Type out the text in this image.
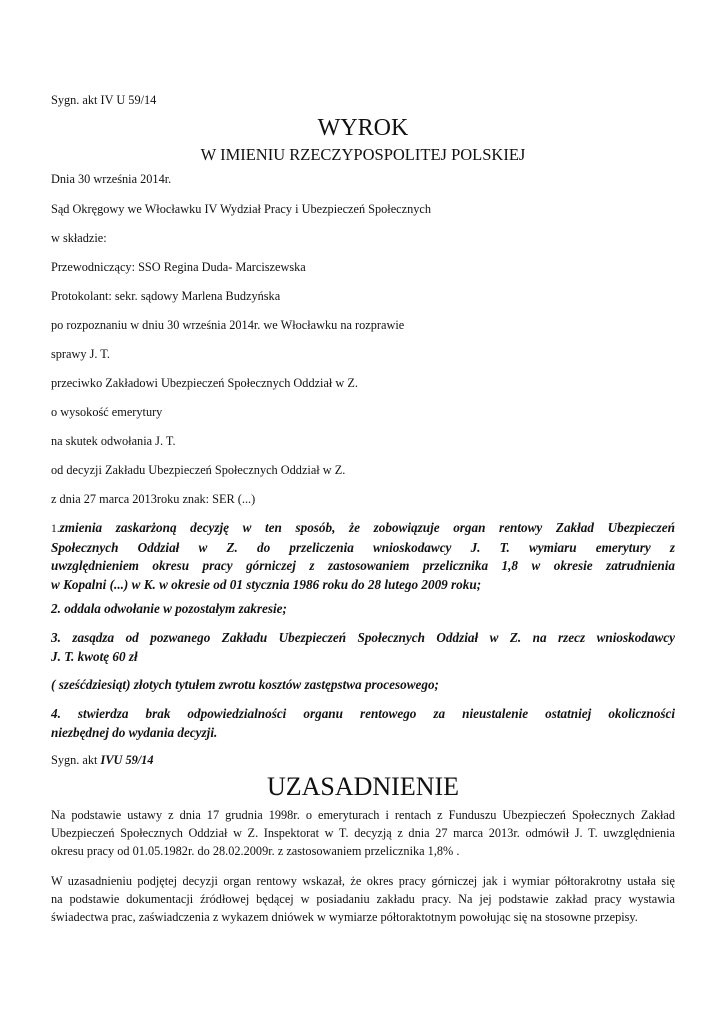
Sygn. akt IV U 59/14
WYROK
W IMIENIU RZECZYPOSPOLITEJ POLSKIEJ
Dnia 30 września 2014r.
Sąd Okręgowy we Włocławku IV Wydział Pracy i Ubezpieczeń Społecznych
w składzie:
Przewodniczący: SSO Regina Duda- Marciszewska
Protokolant: sekr. sądowy Marlena Budzyńska
po rozpoznaniu w dniu 30 września 2014r. we Włocławku na rozprawie
sprawy J. T.
przeciwko Zakładowi Ubezpieczeń Społecznych Oddział w Z.
o wysokość emerytury
na skutek odwołania J. T.
od decyzji Zakładu Ubezpieczeń Społecznych Oddział w Z.
z dnia 27 marca 2013roku znak: SER (...)
1.zmienia zaskarżoną decyzję w ten sposób, że zobowiązuje organ rentowy Zakład Ubezpieczeń
Społecznych Oddział w Z. do przeliczenia wnioskodawcy J. T. wymiaru emerytury z
uwzględnieniem okresu pracy górniczej z zastosowaniem przelicznika 1,8 w okresie zatrudnienia
w Kopalni (...) w K. w okresie od 01 stycznia 1986 roku do 28 lutego 2009 roku;
2. oddala odwołanie w pozostałym zakresie;
3. zasądza od pozwanego Zakładu Ubezpieczeń Społecznych Oddział w Z. na rzecz wnioskodawcy
J. T. kwotę 60 zł
( sześćdziesiąt) złotych tytułem zwrotu kosztów zastępstwa procesowego;
4. stwierdza brak odpowiedzialności organu rentowego za nieustalenie ostatniej okoliczności
niezbędnej do wydania decyzji.
Sygn. akt IVU 59/14
UZASADNIENIE
Na podstawie ustawy z dnia 17 grudnia 1998r. o emeryturach i rentach z Funduszu Ubezpieczeń Społecznych Zakład
Ubezpieczeń Społecznych Oddział w Z. Inspektorat w T. decyzją z dnia 27 marca 2013r. odmówił J. T. uwzględnienia
okresu pracy od 01.05.1982r. do 28.02.2009r. z zastosowaniem przelicznika 1,8% .
W uzasadnieniu podjętej decyzji organ rentowy wskazał, że okres pracy górniczej jak i wymiar półtorakrotny ustała się
na podstawie dokumentacji źródłowej będącej w posiadaniu zakładu pracy. Na jej podstawie zakład pracy wystawia
świadectwa prac, zaświadczenia z wykazem dniówek w wymiarze półtoraktotnym powołując się na stosowne przepisy.
